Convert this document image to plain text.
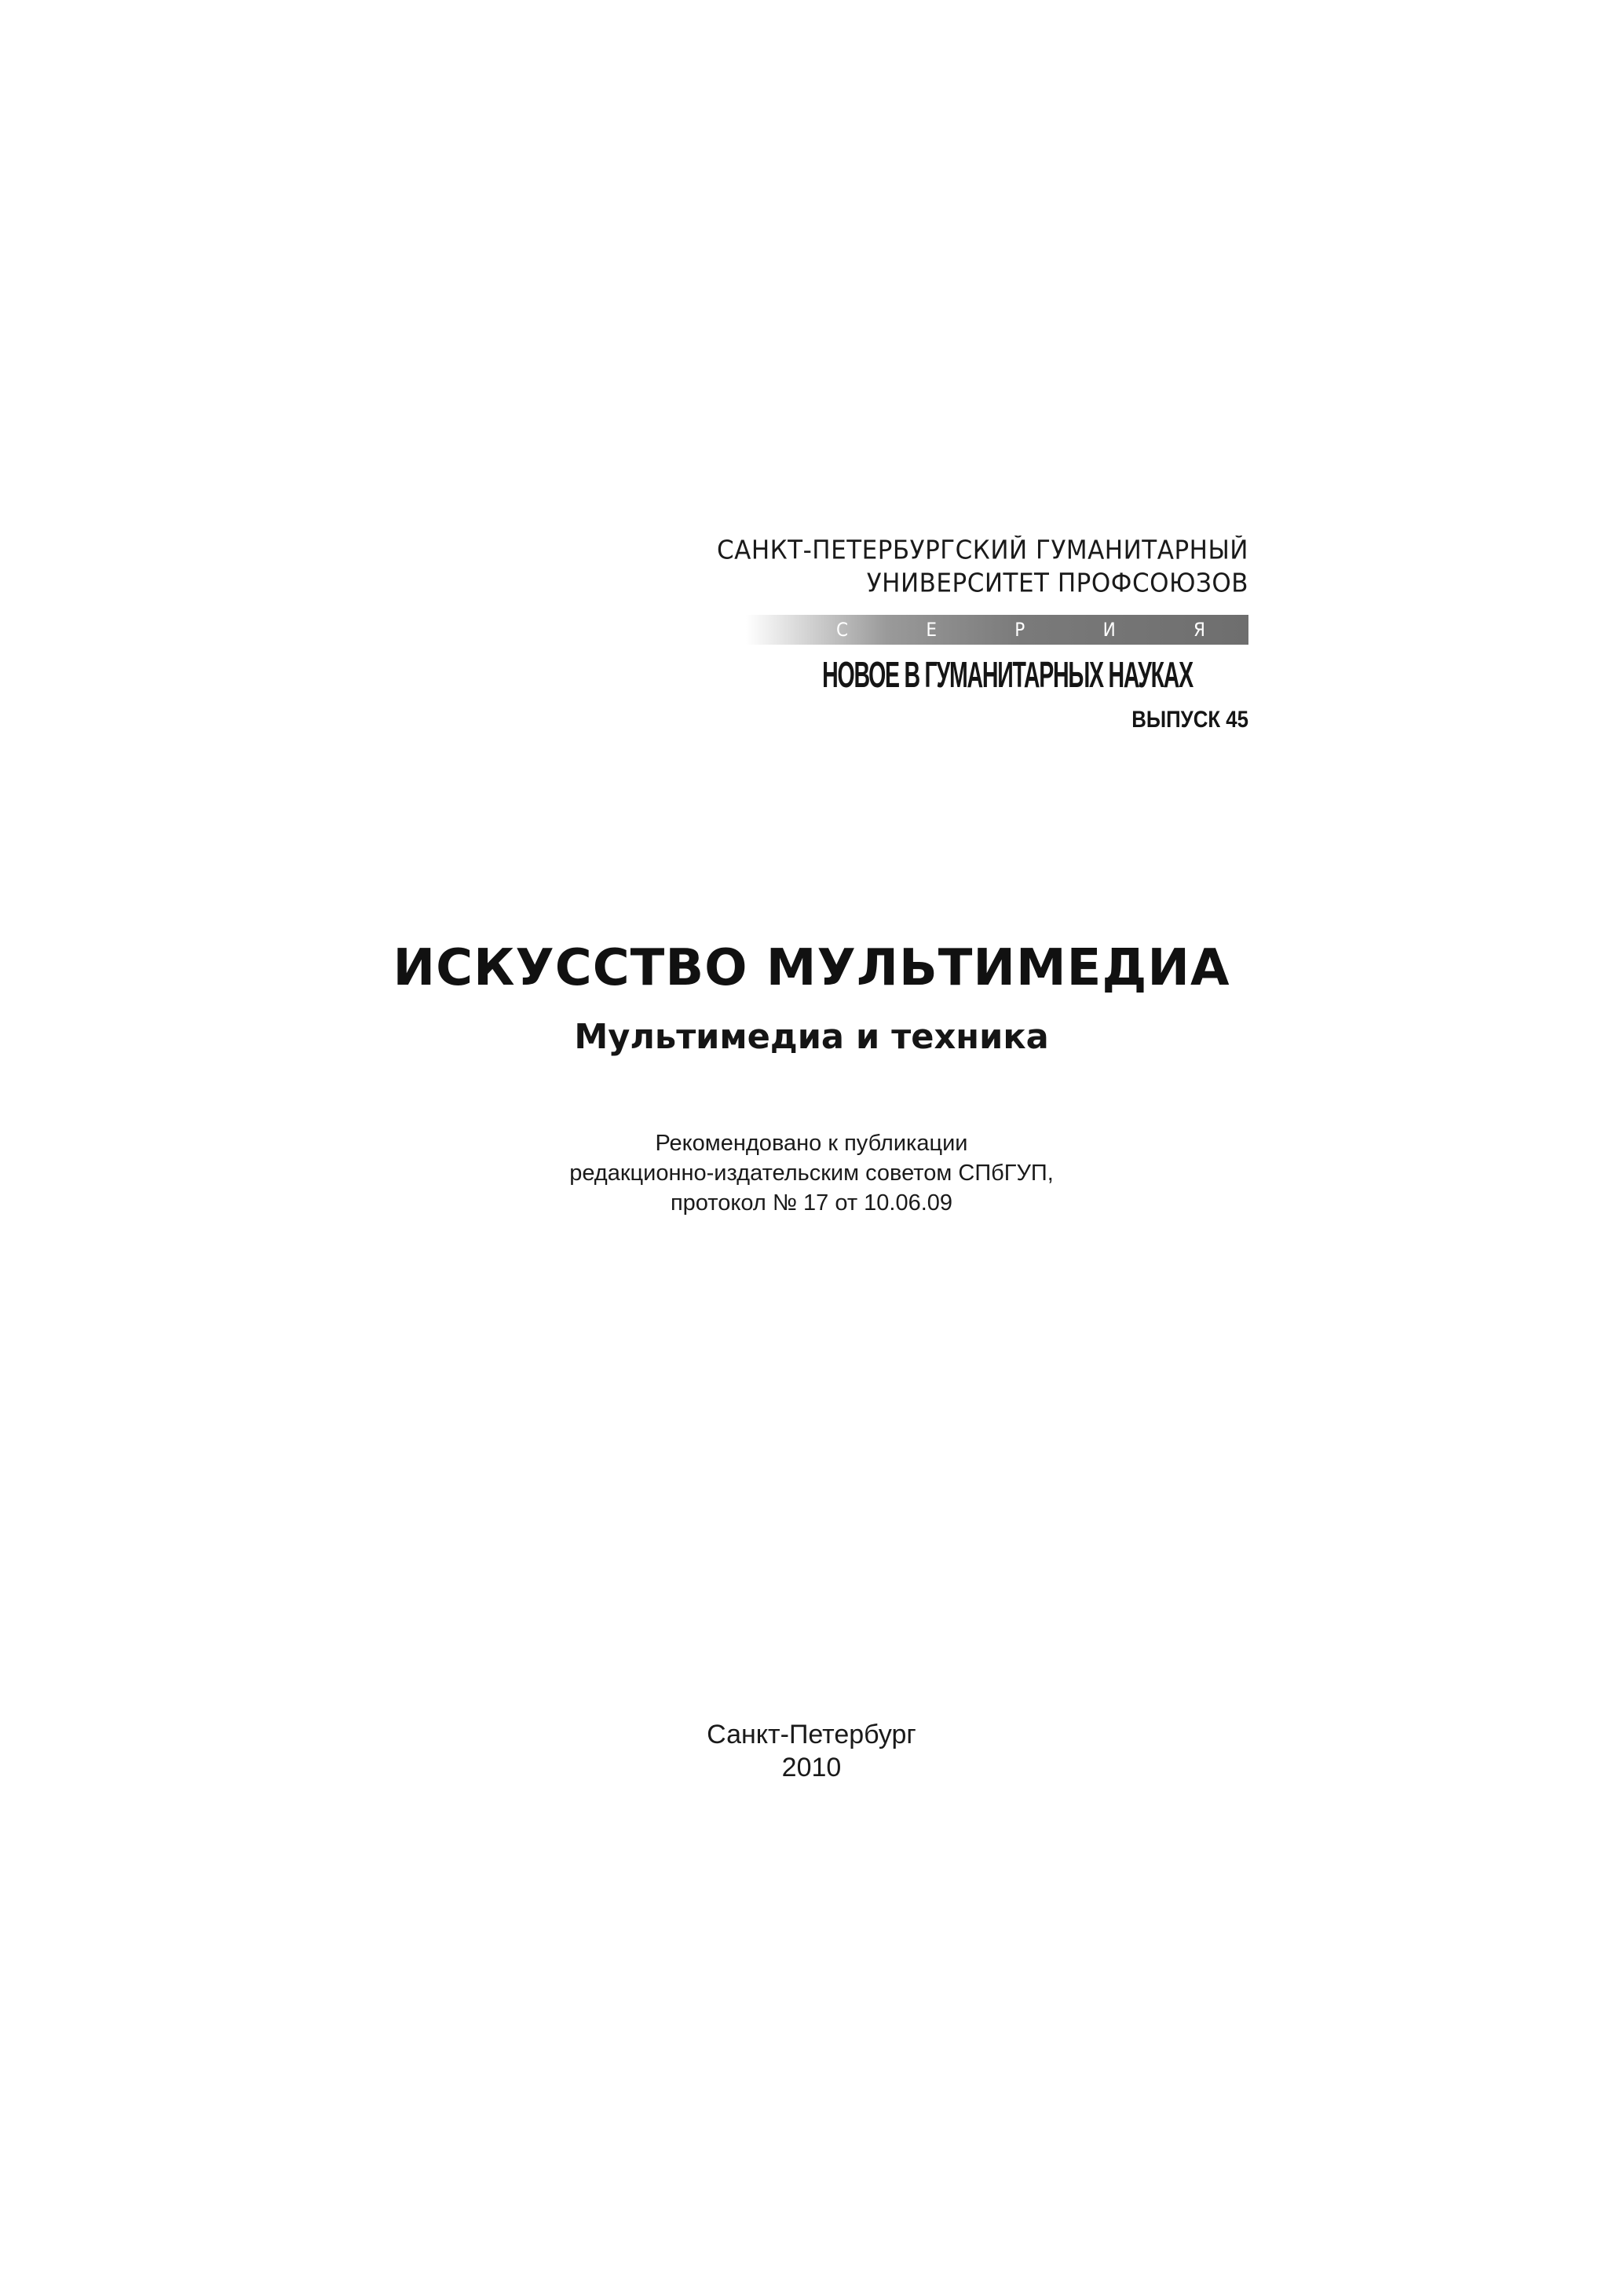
САНКТ-ПЕТЕРБУРГСКИЙ ГУМАНИТАРНЫЙ
УНИВЕРСИТЕТ ПРОФСОЮЗОВ
С	Е	Р	И	Я
НОВОЕ В ГУМАНИТАРНЫХ НАУКАХ
ВЫПУСК 45
ИСКУССТВО МУЛЬТИМЕДИА
Мультимедиа и техника
Рекомендовано к публикации
редакционно-издательским советом СПбГУП,
протокол № 17 от 10.06.09
Санкт-Петербург
2010
